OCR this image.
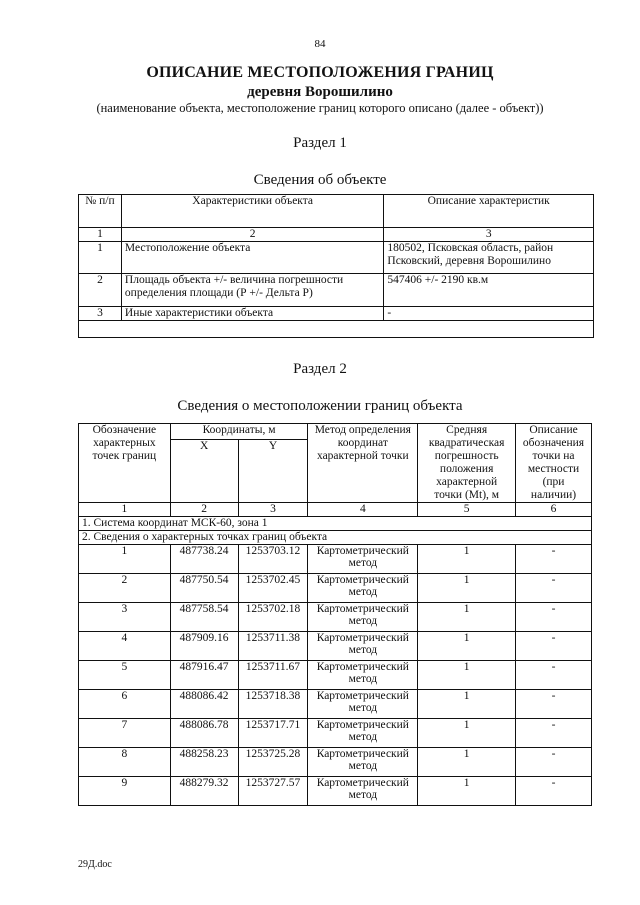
84
ОПИСАНИЕ МЕСТОПОЛОЖЕНИЯ ГРАНИЦ
деревня Ворошилино
(наименование объекта, местоположение границ которого описано (далее - объект))
Раздел 1
Сведения об объекте
№ п/п	Характеристики объекта	Описание характеристик
1	2	3
1	Местоположение объекта	180502, Псковская область, район Псковский, деревня Ворошилино
2	Площадь объекта +/- величина погрешности определения площади (Р +/- Дельта Р)	547406 +/- 2190 кв.м
3	Иные характеристики объекта	-

Раздел 2
Сведения о местоположении границ объекта
Обозначение характерных точек границ	Координаты, м		Метод определения координат характерной точки	Средняя квадратическая погрешность положения характерной точки (Mt), м	Описание обозначения точки на местности (при наличии)
	X	Y			
1	2	3	4	5	6
1. Система координат МСК-60, зона 1					
2. Сведения о характерных точках границ объекта					
1	487738.24	1253703.12	Картометрический метод	1	-
2	487750.54	1253702.45	Картометрический метод	1	-
3	487758.54	1253702.18	Картометрический метод	1	-
4	487909.16	1253711.38	Картометрический метод	1	-
5	487916.47	1253711.67	Картометрический метод	1	-
6	488086.42	1253718.38	Картометрический метод	1	-
7	488086.78	1253717.71	Картометрический метод	1	-
8	488258.23	1253725.28	Картометрический метод	1	-
9	488279.32	1253727.57	Картометрический метод	1	-
29Д.doc
